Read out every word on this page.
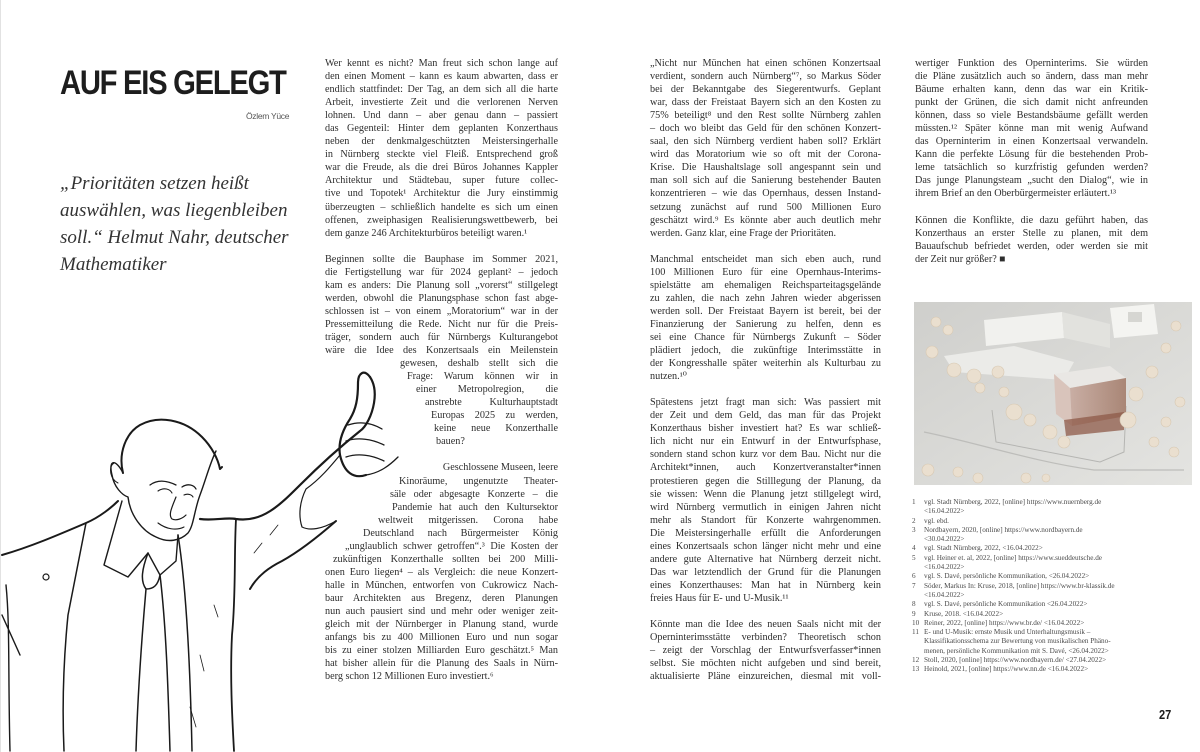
AUF EIS GELEGT
Özlem Yüce
„Prioritäten setzen heißt
auswählen, was liegenbleiben
soll.“ Helmut Nahr, deutscher
Mathematiker
Wer kennt es nicht? Man freut sich schon lange auf
den einen Moment – kann es kaum abwarten, dass er
endlich stattfindet: Der Tag, an dem sich all die harte
Arbeit, investierte Zeit und die verlorenen Nerven
lohnen. Und dann – aber genau dann – passiert
das Gegenteil: Hinter dem geplanten Konzerthaus
neben der denkmalgeschützten Meistersingerhalle
in Nürnberg steckte viel Fleiß. Entsprechend groß
war die Freude, als die drei Büros Johannes Kappler
Architektur und Städtebau, super future collec-
tive und Topotek¹ Architektur die Jury einstimmig
überzeugten – schließlich handelte es sich um einen
offenen, zweiphasigen Realisierungswettbewerb, bei
dem ganze 246 Architekturbüros beteiligt waren.¹
Beginnen sollte die Bauphase im Sommer 2021,
die Fertigstellung war für 2024 geplant² – jedoch
kam es anders: Die Planung soll „vorerst“ stillgelegt
werden, obwohl die Planungsphase schon fast abge-
schlossen ist – von einem „Moratorium“ war in der
Pressemitteilung die Rede. Nicht nur für die Preis-
träger, sondern auch für Nürnbergs Kulturangebot
wäre die Idee des Konzertsaals ein Meilenstein
gewesen, deshalb stellt sich die
Frage: Warum können wir in
einer Metropolregion, die
anstrebte Kulturhauptstadt
Europas 2025 zu werden,
keine neue Konzerthalle
bauen?
Geschlossene Museen, leere
Kinoräume, ungenutzte Theater-
säle oder abgesagte Konzerte – die
Pandemie hat auch den Kultursektor
weltweit mitgerissen. Corona habe
Deutschland nach Bürgermeister König
„unglaublich schwer getroffen“.³ Die Kosten der
zukünftigen Konzerthalle sollten bei 200 Milli-
onen Euro liegen⁴ – als Vergleich: die neue Konzert-
halle in München, entworfen von Cukrowicz Nach-
baur Architekten aus Bregenz, deren Planungen
nun auch pausiert sind und mehr oder weniger zeit-
gleich mit der Nürnberger in Planung stand, wurde
anfangs bis zu 400 Millionen Euro und nun sogar
bis zu einer stolzen Milliarden Euro geschätzt.⁵ Man
hat bisher allein für die Planung des Saals in Nürn-
berg schon 12 Millionen Euro investiert.⁶
„Nicht nur München hat einen schönen Konzertsaal
verdient, sondern auch Nürnberg“⁷, so Markus Söder
bei der Bekanntgabe des Siegerentwurfs. Geplant
war, dass der Freistaat Bayern sich an den Kosten zu
75% beteiligt⁸ und den Rest sollte Nürnberg zahlen
– doch wo bleibt das Geld für den schönen Konzert-
saal, den sich Nürnberg verdient haben soll? Erklärt
wird das Moratorium wie so oft mit der Corona-
Krise. Die Haushaltslage soll angespannt sein und
man soll sich auf die Sanierung bestehender Bauten
konzentrieren – wie das Opernhaus, dessen Instand-
setzung zunächst auf rund 500 Millionen Euro
geschätzt wird.⁹ Es könnte aber auch deutlich mehr
werden. Ganz klar, eine Frage der Prioritäten.
Manchmal entscheidet man sich eben auch, rund
100 Millionen Euro für eine Opernhaus-Interims-
spielstätte am ehemaligen Reichsparteitagsgelände
zu zahlen, die nach zehn Jahren wieder abgerissen
werden soll. Der Freistaat Bayern ist bereit, bei der
Finanzierung der Sanierung zu helfen, denn es
sei eine Chance für Nürnbergs Zukunft – Söder
plädiert jedoch, die zukünftige Interimsstätte in
der Kongresshalle später weiterhin als Kulturbau zu
nutzen.¹⁰
Spätestens jetzt fragt man sich: Was passiert mit
der Zeit und dem Geld, das man für das Projekt
Konzerthaus bisher investiert hat? Es war schließ-
lich nicht nur ein Entwurf in der Entwurfsphase,
sondern stand schon kurz vor dem Bau. Nicht nur die
Architekt*innen, auch Konzertveranstalter*innen
protestieren gegen die Stilllegung der Planung, da
sie wissen: Wenn die Planung jetzt stillgelegt wird,
wird Nürnberg vermutlich in einigen Jahren nicht
mehr als Standort für Konzerte wahrgenommen.
Die Meistersingerhalle erfüllt die Anforderungen
eines Konzertsaals schon länger nicht mehr und eine
andere gute Alternative hat Nürnberg derzeit nicht.
Das war letztendlich der Grund für die Planungen
eines Konzerthauses: Man hat in Nürnberg kein
freies Haus für E- und U-Musik.¹¹
Könnte man die Idee des neuen Saals nicht mit der
Operninterimsstätte verbinden? Theoretisch schon
– zeigt der Vorschlag der Entwurfsverfasser*innen
selbst. Sie möchten nicht aufgeben und sind bereit,
aktualisierte Pläne einzureichen, diesmal mit voll-
wertiger Funktion des Operninterims. Sie würden
die Pläne zusätzlich auch so ändern, dass man mehr
Bäume erhalten kann, denn das war ein Kritik-
punkt der Grünen, die sich damit nicht anfreunden
können, dass so viele Bestandsbäume gefällt werden
müssten.¹² Später könne man mit wenig Aufwand
das Operninterim in einen Konzertsaal verwandeln.
Kann die perfekte Lösung für die bestehenden Prob-
leme tatsächlich so kurzfristig gefunden werden?
Das junge Planungsteam „sucht den Dialog“, wie in
ihrem Brief an den Oberbürgermeister erläutert.¹³
Können die Konflikte, die dazu geführt haben, das
Konzerthaus an erster Stelle zu planen, mit dem
Bauaufschub befriedet werden, oder werden sie mit
der Zeit nur größer? ■
1	vgl. Stadt Nürnberg, 2022, [online] https://www.nuernberg.de
<16.04.2022>
2	vgl. ebd.
3	Nordbayern, 2020, [online] https://www.nordbayern.de
<30.04.2022>
4	vgl. Stadt Nürnberg, 2022, <16.04.2022>
5	vgl. Heiner et. al, 2022, [online] https://www.sueddeutsche.de
<16.04.2022>
6	vgl. S. Davé, persönliche Kommunikation, <26.04.2022>
7	Söder, Markus In: Kruse, 2018, [online] https://www.br-klassik.de
<16.04.2022>
8	vgl. S. Davé, persönliche Kommunikation <26.04.2022>
9	Kruse, 2018. <16.04.2022>
10 Reiner, 2022, [online] https://www.br.de/ <16.04.2022>
11 E- und U-Musik: ernste Musik und Unterhaltungsmusik –
Klassifikationsschema zur Bewertung von musikalischen Phäno-
menen, persönliche Kommunikation mit S. Davé, <26.04.2022>
12 Stoll, 2020, [online] https://www.nordbayern.de/ <27.04.2022>
13 Heinold, 2021, [online] https://www.nn.de <16.04.2022>
27
